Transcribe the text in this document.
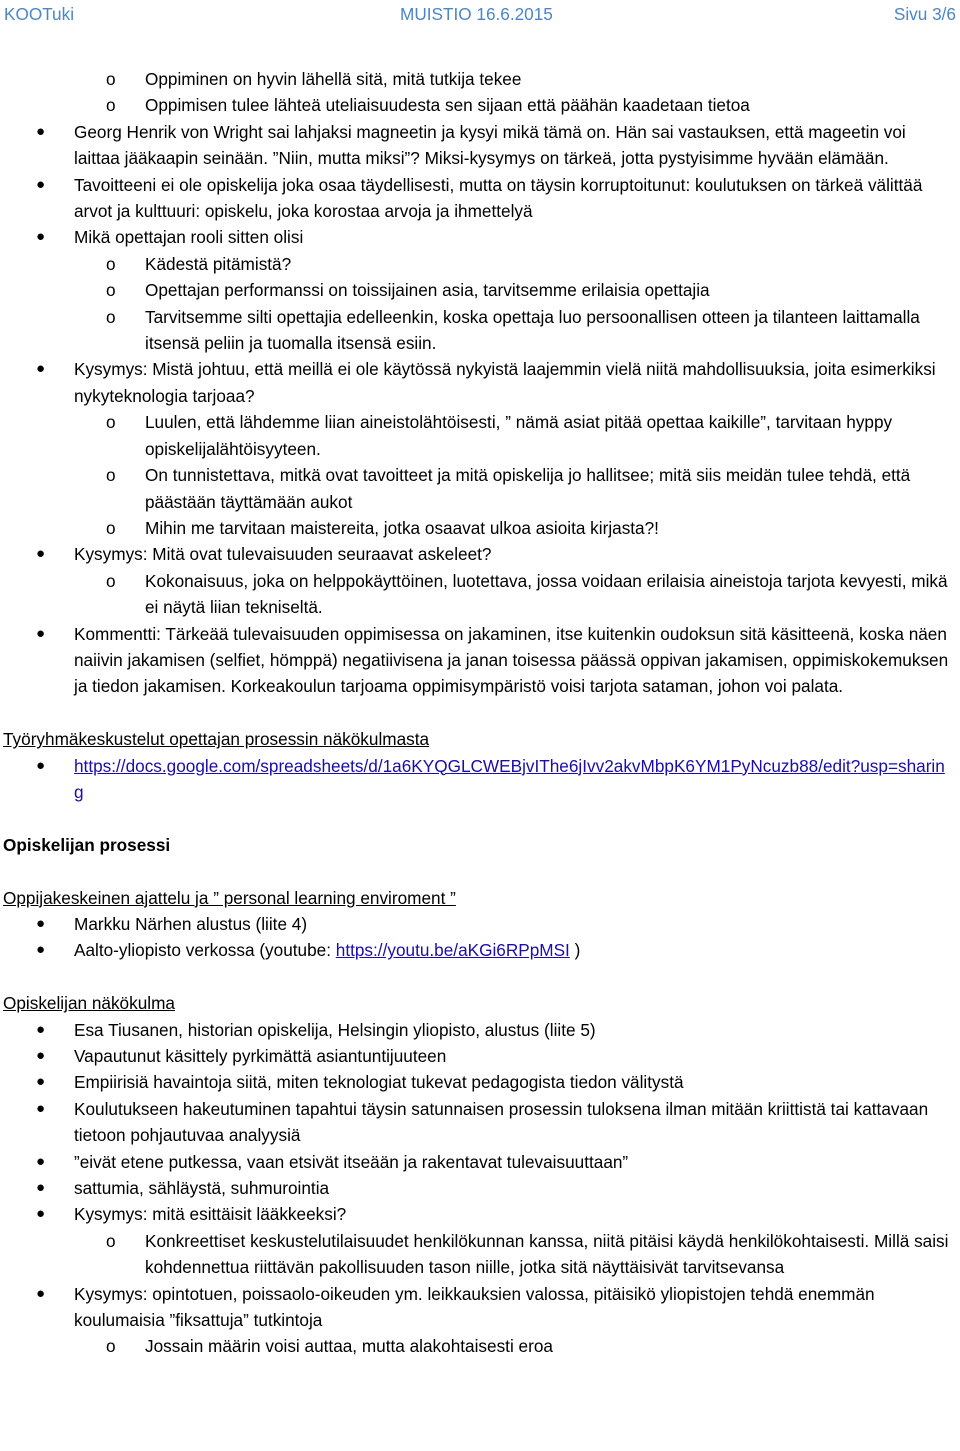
KOOTuki	MUISTIO 16.6.2015	Sivu 3/6
o Oppiminen on hyvin lähellä sitä, mitä tutkija tekee
o Oppimisen tulee lähteä uteliaisuudesta sen sijaan että päähän kaadetaan tietoa
● Georg Henrik von Wright sai lahjaksi magneetin ja kysyi mikä tämä on. Hän sai vastauksen, että mageetin voi laittaa jääkaapin seinään. ”Niin, mutta miksi”? Miksi-kysymys on tärkeä, jotta pystyisimme hyvään elämään.
● Tavoitteeni ei ole opiskelija joka osaa täydellisesti, mutta on täysin korruptoitunut: koulutuksen on tärkeä välittää arvot ja kulttuuri: opiskelu, joka korostaa arvoja ja ihmettelyä
● Mikä opettajan rooli sitten olisi
o Kädestä pitämistä?
o Opettajan performanssi on toissijainen asia, tarvitsemme erilaisia opettajia
o Tarvitsemme silti opettajia edelleenkin, koska opettaja luo persoonallisen otteen ja tilanteen laittamalla itsensä peliin ja tuomalla itsensä esiin.
● Kysymys: Mistä johtuu, että meillä ei ole käytössä nykyistä laajemmin vielä niitä mahdollisuuksia, joita esimerkiksi nykyteknologia tarjoaa?
o Luulen, että lähdemme liian aineistolähtöisesti, ” nämä asiat pitää opettaa kaikille”, tarvitaan hyppy opiskelijalähtöisyyteen.
o On tunnistettava, mitkä ovat tavoitteet ja mitä opiskelija jo hallitsee; mitä siis meidän tulee tehdä, että päästään täyttämään aukot
o Mihin me tarvitaan maistereita, jotka osaavat ulkoa asioita kirjasta?!
● Kysymys: Mitä ovat tulevaisuuden seuraavat askeleet?
o Kokonaisuus, joka on helppokäyttöinen, luotettava, jossa voidaan erilaisia aineistoja tarjota kevyesti, mikä ei näytä liian tekniseltä.
● Kommentti: Tärkeää tulevaisuuden oppimisessa on jakaminen, itse kuitenkin oudoksun sitä käsitteenä, koska näen naiivin jakamisen (selfiet, hömppä) negatiivisena ja janan toisessa päässä oppivan jakamisen, oppimiskokemuksen ja tiedon jakamisen. Korkeakoulun tarjoama oppimisympäristö voisi tarjota sataman, johon voi palata.
Työryhmäkeskustelut opettajan prosessin näkökulmasta
● https://docs.google.com/spreadsheets/d/1a6KYQGLCWEBjvIThe6jIvv2akvMbpK6YM1PyNcuzb88/edit?usp=sharing
Opiskelijan prosessi
Oppijakeskeinen ajattelu ja ” personal learning enviroment ”
● Markku Närhen alustus (liite 4)
● Aalto-yliopisto verkossa (youtube: https://youtu.be/aKGi6RPpMSI )
Opiskelijan näkökulma
● Esa Tiusanen, historian opiskelija, Helsingin yliopisto, alustus (liite 5)
● Vapautunut käsittely pyrkimättä asiantuntijuuteen
● Empiirisiä havaintoja siitä, miten teknologiat tukevat pedagogista tiedon välitystä
● Koulutukseen hakeutuminen tapahtui täysin satunnaisen prosessin tuloksena ilman mitään kriittistä tai kattavaan tietoon pohjautuvaa analyysiä
● ”eivät etene putkessa, vaan etsivät itseään ja rakentavat tulevaisuuttaan”
● sattumia, sähläystä, suhmurointia
● Kysymys: mitä esittäisit lääkkeeksi?
o Konkreettiset keskustelutilaisuudet henkilökunnan kanssa, niitä pitäisi käydä henkilökohtaisesti. Millä saisi kohdennettua riittävän pakollisuuden tason niille, jotka sitä näyttäisivät tarvitsevansa
● Kysymys: opintotuen, poissaolo-oikeuden ym. leikkauksien valossa, pitäisikö yliopistojen tehdä enemmän koulumaisia ”fiksattuja” tutkintoja
o Jossain määrin voisi auttaa, mutta alakohtaisesti eroa
